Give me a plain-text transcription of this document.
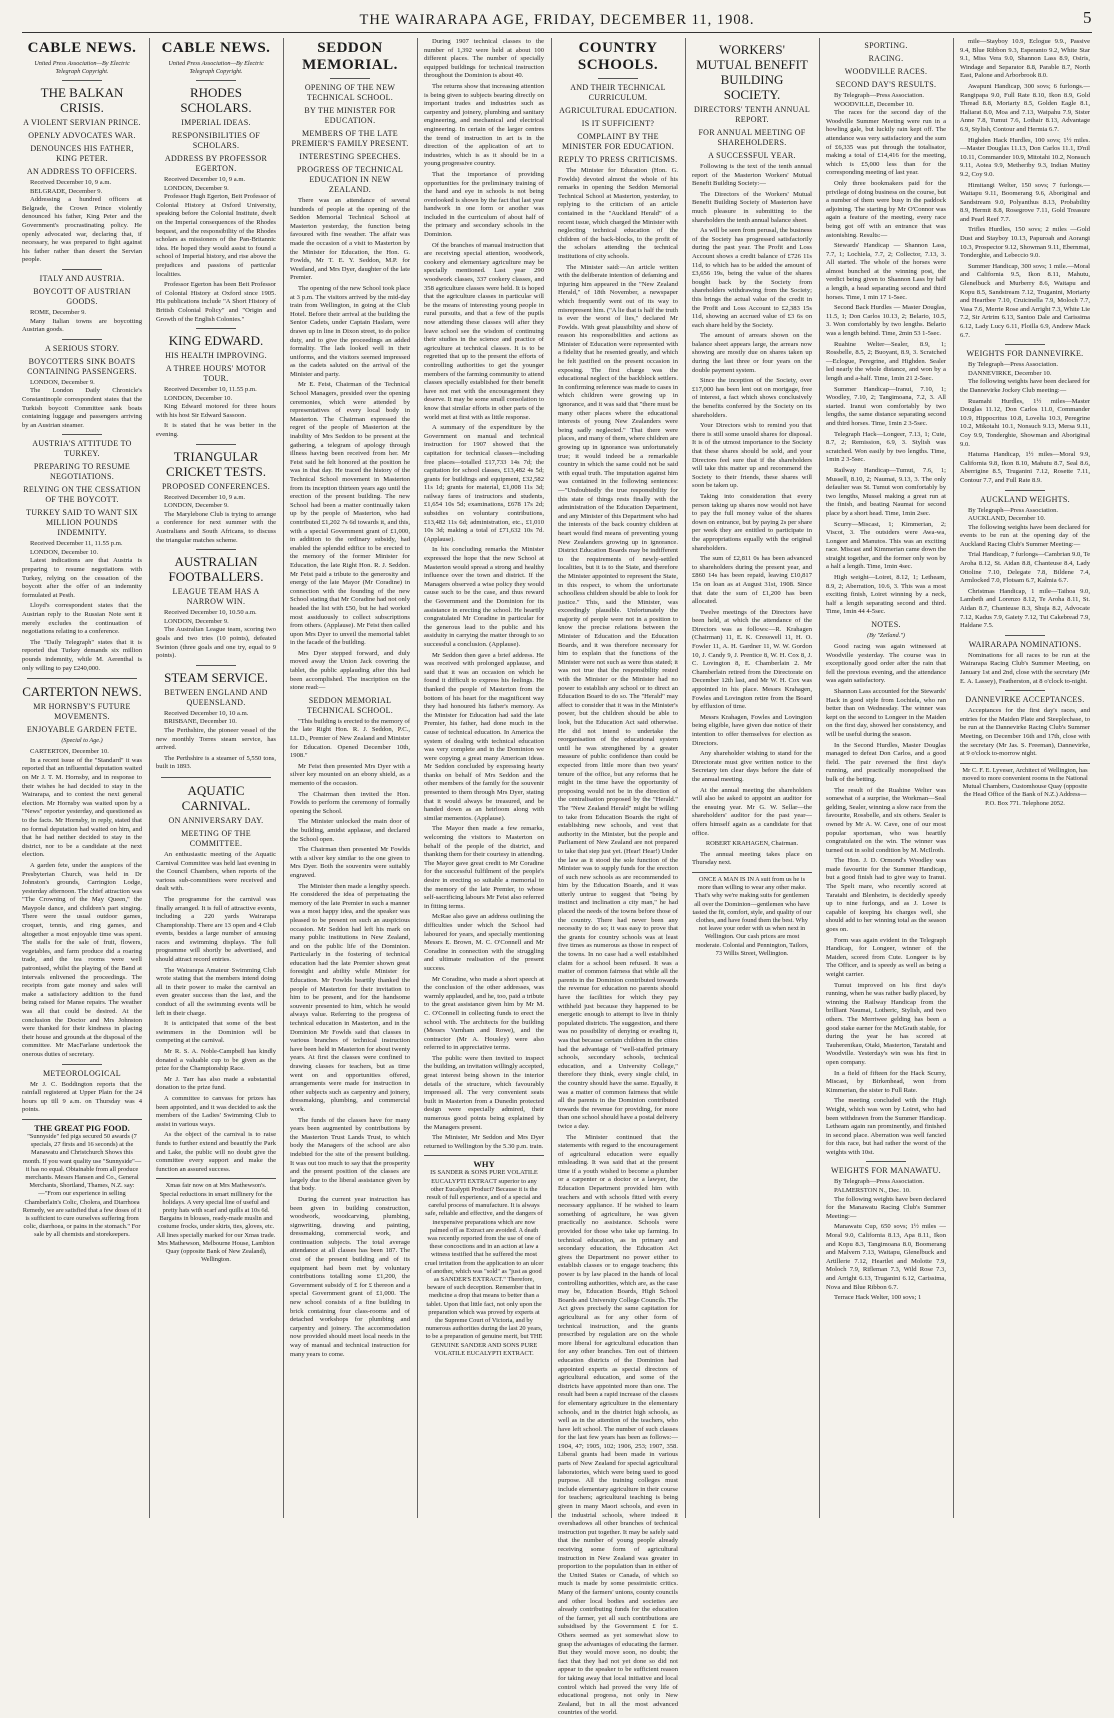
THE WAIRARAPA AGE, FRIDAY, DECEMBER 11, 1908.	5
CABLE NEWS.
United Press Association—By Electric Telegraph Copyright.
THE BALKAN CRISIS.
A VIOLENT SERVIAN PRINCE.
OPENLY ADVOCATES WAR.
DENOUNCES HIS FATHER, KING PETER.
AN ADDRESS TO OFFICERS.

Received December 10, 9 a.m.

BELGRADE, December 9.

Addressing a hundred officers at Belgrade, the Crown Prince violently denounced his father, King Peter and the Government's procrastinating policy. He openly advocated war, declaring that, if necessary, he was prepared to fight against his father rather than desert the Servian people.

ITALY AND AUSTRIA.
BOYCOTT OF AUSTRIAN GOODS.

ROME, December 9.

Many Italian towns are boycotting Austrian goods.

A SERIOUS STORY.
BOYCOTTERS SINK BOATS CONTAINING PASSENGERS.

LONDON, December 9.

The London Daily Chronicle's Constantinople correspondent states that the Turkish boycott Committee sank boats containing luggage and passengers arriving by an Austrian steamer.

AUSTRIA'S ATTITUDE TO TURKEY.
PREPARING TO RESUME NEGOTIATIONS.
RELYING ON THE CESSATION OF THE BOYCOTT.
TURKEY SAID TO WANT SIX MILLION POUNDS INDEMNITY.

Received December 11, 11.55 p.m.

LONDON, December 10.

Latest indications are that Austria is preparing to resume negotiations with Turkey, relying on the cessation of the boycott after the offer of an indemnity formulated at Pesth.

Lloyd's correspondent states that the Austrian reply to the Russian Note sent it merely excludes the continuation of negotiations relating to a conference.

The "Daily Telegraph" states that it is reported that Turkey demands six million pounds indemnity, while M. Aerenthal is only willing to pay £240,000.

CARTERTON NEWS.
MR HORNSBY'S FUTURE MOVEMENTS.
ENJOYABLE GARDEN FETE.
(Special to Age.)

CARTERTON, December 10.

In a recent issue of the "Standard" it was reported that an influential deputation waited on Mr J. T. M. Hornsby, and in response to their wishes he had decided to stay in the Wairarapa, and to contest the next general election. Mr Hornsby was waited upon by a "News" reporter yesterday, and questioned as to the facts. Mr Hornsby, in reply, stated that no formal deputation had waited on him, and that he had neither decided to stay in the district, nor to be a candidate at the next election.

A garden fete, under the auspices of the Presbyterian Church, was held in Dr Johnston's grounds, Carrington Lodge, yesterday afternoon. The chief attraction was "The Crowning of the May Queen," the Maypole dance, and children's part singing. There were the usual outdoor games, croquet, tennis, and ring games, and altogether a most enjoyable time was spent. The stalls for the sale of fruit, flowers, vegetables, and farm produce did a roaring trade, and the tea rooms were well patronised, whilst the playing of the Band at intervals enlivened the proceedings. The receipts from gate money and sales will make a satisfactory addition to the fund being raised for Manse repairs. The weather was all that could be desired. At the conclusion the Doctor and Mrs Johnston were thanked for their kindness in placing their house and grounds at the disposal of the committee. Mr MacFarlane undertook the onerous duties of secretary.

METEOROLOGICAL

Mr J. C. Boddington reports that the rainfall registered at Upper Plain for the 24 hours up till 9 a.m. on Thursday was 4 points.

THE GREAT PIG FOOD.
"Sunnyside" fed pigs secured 50 awards (7 specials, 27 firsts and 16 seconds) at the Manawatu and Christchurch Shows this month. If you want quality use "Sunnyside"—it has no equal. Obtainable from all produce merchants. Messrs Hansen and Co., General Merchants, Shortland, Thames, N.Z. say:—"From our experience in selling Chamberlain's Colic, Cholera, and Diarrhoea Remedy, we are satisfied that a few doses of it is sufficient to cure ourselves suffering from colic, diarrhoea, or pains in the stomach." For sale by all chemists and storekeepers.
CABLE NEWS.
United Press Association—By Electric Telegraph Copyright.
RHODES SCHOLARS.
IMPERIAL IDEAS.
RESPONSIBILITIES OF SCHOLARS.
ADDRESS BY PROFESSOR EGERTON.

Received December 10, 9 a.m.

LONDON, December 9.

Professor Hugh Egerton, Beit Professor of Colonial History at Oxford University, speaking before the Colonial Institute, dwelt on the Imperial consequences of the Rhodes bequest, and the responsibility of the Rhodes scholars as missioners of the Pan-Britannic idea. He hoped they would assist to found a school of Imperial history, and rise above the prejudices and passions of particular localities.

Professor Egerton has been Beit Professor of Colonial History at Oxford since 1905. His publications include "A Short History of British Colonial Policy" and "Origin and Growth of the English Colonies."

KING EDWARD.
HIS HEALTH IMPROVING.
A THREE HOURS' MOTOR TOUR.

Received December 10, 11.55 p.m.

LONDON, December 10.

King Edward motored for three hours with his host Sir Edward Sassoon.

It is stated that he was better in the evening.

TRIANGULAR CRICKET TESTS.
PROPOSED CONFERENCES.

Received December 10, 9 a.m.

LONDON, December 9.

The Marylebone Club is trying to arrange a conference for next summer with the Australians and South Africans, to discuss the triangular matches scheme.

AUSTRALIAN FOOTBALLERS.
LEAGUE TEAM HAS A NARROW WIN.

Received December 10, 10.50 a.m.

LONDON, December 9.

The Australian League team, scoring two goals and two tries (10 points), defeated Swinton (three goals and one try, equal to 9 points).

STEAM SERVICE.
BETWEEN ENGLAND AND QUEENSLAND.

Received December 10, 10 a.m.

BRISBANE, December 10.

The Perthshire, the pioneer vessel of the new monthly Torres steam service, has arrived.

The Perthshire is a steamer of 5,550 tons, built in 1893.

AQUATIC CARNIVAL.
ON ANNIVERSARY DAY.
MEETING OF THE COMMITTEE.

An enthusiastic meeting of the Aquatic Carnival Committee was held last evening in the Council Chambers, when reports of the various sub-committees were received and dealt with.

The programme for the carnival was finally arranged. It is full of attractive events, including a 220 yards Wairarapa Championship. There are 13 open and 4 Club events, besides a large number of amusing races and swimming displays. The full programme will shortly be advertised, and should attract record entries.

The Wairarapa Amateur Swimming Club wrote stating that the members intend doing all in their power to make the carnival an even greater success than the last, and the conduct of all the swimming events will be left in their charge.

It is anticipated that some of the best swimmers in the Dominion will be competing at the carnival.

Mr R. S. A. Noble-Campbell has kindly donated a valuable cup to be given as the prize for the Championship Race.

Mr J. Tarr has also made a substantial donation to the prize fund.

A committee to canvass for prizes has been appointed, and it was decided to ask the members of the Ladies' Swimming Club to assist in various ways.

As the object of the carnival is to raise funds to further extend and beautify the Park and Lake, the public will no doubt give the committee every support and make the function an assured success.

Xmas fair now on at Mrs Mathewson's. Special reductions in smart millinery for the holidays. A very special line of useful and pretty hats with scarf and quills at 10s 6d. Bargains in blouses, ready-made muslin and costume frocks, under skirts, ties, gloves, etc. All lines specially marked for our Xmas trade. Mrs Mathewson, Melbourne House, Lambton Quay (opposite Bank of New Zealand), Wellington.
SEDDON MEMORIAL.
OPENING OF THE NEW TECHNICAL SCHOOL.
BY THE MINISTER FOR EDUCATION.
MEMBERS OF THE LATE PREMIER'S FAMILY PRESENT.
INTERESTING SPEECHES.
PROGRESS OF TECHNICAL EDUCATION IN NEW ZEALAND.

There was an attendance of several hundreds of people at the opening of the Seddon Memorial Technical School at Masterton yesterday, the function being favoured with fine weather. The affair was made the occasion of a visit to Masterton by the Minister for Education, the Hon. G. Fowlds, Mr T. E. Y. Seddon, M.P. for Westland, and Mrs Dyer, daughter of the late Premier.

The opening of the new School took place at 3 p.m. The visitors arrived by the mid-day train from Wellington, in going at the Club Hotel. Before their arrival at the building the Senior Cadets, under Captain Haslam, were drawn up in line in Dixon street, to do police duty, and to give the proceedings an added formality. The lads looked well in their uniforms, and the visitors seemed impressed as the cadets saluted on the arrival of the Minister and party.

Mr E. Feist, Chairman of the Technical School Managers, presided over the opening ceremonies, which were attended by representatives of every local body in Masterton. The Chairman expressed the regret of the people of Masterton at the inability of Mrs Seddon to be present at the gathering, a telegram of apology through illness having been received from her. Mr Feist said he felt honored at the position he was in that day. He traced the history of the Technical School movement in Masterton from its inception thirteen years ago until the erection of the present building. The new School had been a matter continually taken up by the people of Masterton, who had contributed £1,202 7s 6d towards it, and this, with a special Government grant of £1,000, in addition to the ordinary subsidy, had enabled the splendid edifice to be erected to the memory of the former Minister for Education, the late Right Hon. R. J. Seddon. Mr Feist paid a tribute to the generosity and energy of the late Mayor (Mr Coradine) in connection with the founding of the new School stating that Mr Coradine had not only headed the list with £50, but he had worked most assiduously to collect subscriptions from others. (Applause). Mr Feist then called upon Mrs Dyer to unveil the memorial tablet in the facade of the building.

Mrs Dyer stepped forward, and duly moved away the Union Jack covering the tablet, the public applauding after this had been accomplished. The inscription on the stone read:—

SEDDON MEMORIAL TECHNICAL SCHOOL.

"This building is erected to the memory of the late Right Hon. R. J. Seddon, P.C., LL.D., Premier of New Zealand and Minister for Education. Opened December 10th, 1908."

Mr Feist then presented Mrs Dyer with a silver key mounted on an ebony shield, as a memento of the occasion.

The Chairman then invited the Hon. Fowlds to perform the ceremony of formally opening the School.

The Minister unlocked the main door of the building, amidst applause, and declared the School open.

The Chairman then presented Mr Fowlds with a silver key similar to the one given to Mrs Dyer. Both the souvenirs were suitably engraved.

The Minister then made a lengthy speech. He considered the idea of perpetuating the memory of the late Premier in such a manner was a most happy idea, and the speaker was pleased to be present on such an auspicious occasion. Mr Seddon had left his mark on many public institutions in New Zealand, and on the public life of the Dominion. Particularly in the fostering of technical education had the late Premier shown great foresight and ability while Minister for Education. Mr Fowlds heartily thanked the people of Masterton for their invitation to him to be present, and for the handsome souvenir presented to him, which he would always value. Referring to the progress of technical education in Masterton, and in the Dominion Mr Fowlds said that classes in various branches of technical instruction have been held in Masterton for about twenty years. At first the classes were confined to drawing classes for teachers, but as time went on and opportunities offered, arrangements were made for instruction in other subjects such as carpentry and joinery, dressmaking, plumbing, and commercial work.

The funds of the classes have for many years been augmented by contributions by the Masterton Trust Lands Trust, to which body the Managers of the school are also indebted for the site of the present building. It was out too much to say that the prosperity and the present position of the classes are largely due to the liberal assistance given by that body.

During the current year instruction has been given in building construction, woodwork, woodcarving, plumbing, signwriting, drawing and painting, dressmaking, commercial work, and continuation subjects. The total average attendance at all classes has been 187. The cost of the present building and of its equipment had been met by voluntary contributions totalling some £1,200, the Government subsidy of £ for £ thereon and a special Government grant of £1,000. The new school consists of a fine building in brick containing four class-rooms and of detached workshops for plumbing and carpentry and joinery. The accommodation now provided should meet local needs in the way of manual and technical instruction for many years to come.

During 1907 technical classes to the number of 1,392 were held at about 100 different places. The number of specially equipped buildings for technical instruction throughout the Dominion is about 40.

The returns show that increasing attention is being given to subjects bearing directly on important trades and industries such as carpentry and joinery, plumbing and sanitary engineering, and mechanical and electrical engineering. In certain of the larger centres the trend of instruction in art is in the direction of the application of art to industries, which is as it should be in a young progressive country.

That the importance of providing opportunities for the preliminary training of the hand and eye in schools is not being overlooked is shown by the fact that last year handwork in one form or another was included in the curriculum of about half of the primary and secondary schools in the Dominion.

Of the branches of manual instruction that are receiving special attention, woodwork, cookery and elementary agriculture may be specially mentioned. Last year 290 woodwork classes, 337 cookery classes, and 358 agriculture classes were held. It is hoped that the agriculture classes in particular will be the means of interesting young people in rural pursuits, and that a few of the pupils now attending these classes will after they leave school see the wisdom of continuing their studies in the science and practice of agriculture at technical classes. It is to be regretted that up to the present the efforts of controlling authorities to get the younger members of the farming community to attend classes specially established for their benefit have not met with the encouragement they deserve. It may be some small consolation to know that similar efforts in other parts of the world met at first with as little response.

A summary of the expenditure by the Government on manual and technical instruction for 1907 showed that the capitation for technical classes—including free places—totalled £17,733 14s 7d; the capitation for school classes, £13,482 4s 5d; grants for buildings and equipment, £32,582 11s 1d; grants for material, £1,008 11s 3d; railway fares of instructors and students, £1,654 10s 5d; examinations, £678 17s 2d; subsidies on voluntary contributions, £13,482 11s 6d; administration, etc., £1,010 10s 3d; making a total of £71,632 10s 7d. (Applause).

In his concluding remarks the Minister expressed the hope that the new School at Masterton would spread a strong and healthy influence over the town and district. If the Managers observed a wise policy they would cause such to be the case, and thus reward the Government and the Dominion for its assistance in erecting the school. He heartily congratulated Mr Coradine in particular for the generous lead to the public and his assiduity in carrying the matter through to so successful a conclusion. (Applause).

Mr Seddon then gave a brief address. He was received with prolonged applause, and said that it was an occasion on which he found it difficult to express his feelings. He thanked the people of Masterton from the bottom of his heart for the magnificent way they had honoured his father's memory. As the Minister for Education had said the late Premier, his father, had done much in the cause of technical education. In America the system of dealing with technical education was very complete and in the Dominion we were copying a great many American ideas. Mr Seddon concluded by expressing hearty thanks on behalf of Mrs Seddon and the other members of the family for the souvenir presented to them through Mrs Dyer, stating that it would always be treasured, and be handed down as an heirloom along with similar mementos. (Applause).

The Mayor then made a few remarks, welcoming the visitors to Masterton on behalf of the people of the district, and thanking them for their courtesy in attending. The Mayor gave great credit to Mr Coradine for the successful fulfilment of the people's desire in erecting so suitable a memorial to the memory of the late Premier, to whose self-sacrificing labours Mr Feist also referred in fitting terms.

McRae also gave an address outlining the difficulties under which the School had laboured for years, and specially mentioning Messrs E. Brown, M. C. O'Connell and Mr Coradine in connection with the struggling and ultimate realisation of the present success.

Mr Coradine, who made a short speech at the conclusion of the other addresses, was warmly applauded, and he, too, paid a tribute to the great assistance given him by Mr M. C. O'Connell in collecting funds to erect the school with. The architects for the building (Messrs Varnham and Rowe), and the contractor (Mr A. Housley) were also referred to in appreciative terms.

The public were then invited to inspect the building, an invitation willingly accepted, great interest being shown in the interior details of the structure, which favourably impressed all. The very convenient seats built in Masterton from a Dunedin protected design were especially admired, their numerous good points being explained by the Managers present.

The Minister, Mr Seddon and Mrs Dyer returned to Wellington by the 5.30 p.m. train.

WHY
IS SANDER & SONS PURE VOLATILE EUCALYPTI EXTRACT superior to any other Eucalypti Product? Because it is the result of full experience, and of a special and careful process of manufacture. It is always safe, reliable and effective, and the dangers of inexpensive preparations which are now palmed off as Extract are avoided. A death was recently reported from the use of one of these concoctions and in an action at law a witness testified that he suffered the most cruel irritation from the application to an ulcer of another, which was "sold" as "just as good as SANDER'S EXTRACT." Therefore, beware of such deception. Remember that in medicine a drop that means to better than a tablet. Upon that little fact, not only upon the preparation which was proved by experts at the Supreme Court of Victoria, and by numerous authorities during the last 20 years, to be a preparation of genuine merit, but THE GENUINE SANDER AND SONS PURE VOLATILE EUCALYPTI EXTRACT.
COUNTRY SCHOOLS.
AND THEIR TECHNICAL CURRICULUM.
AGRICULTURAL EDUCATION.
IS IT SUFFICIENT?
COMPLAINT BY THE MINISTER FOR EDUCATION.
REPLY TO PRESS CRITICISMS.

The Minister for Education (Hon. G. Fowlds) devoted almost the whole of his remarks in opening the Seddon Memorial Technical School at Masterton, yesterday, to replying to the criticism of an article contained in the "Auckland Herald" of a recent issue, which charged the Minister with neglecting technical education of the children of the back-blocks, to the profit of the scholars attending the technical institutions of city schools.

The Minister said:—An article written with the deliberate intention of defaming and injuring him appeared in the "New Zealand Herald," of 18th November, a newspaper which frequently went out of its way to misrepresent him. ("A lie that is half the truth is ever the worst of lies," declared Mr Fowlds. With great plausibility and show of reason his responsibilities and actions as Minister of Education were represented with a fidelity that he resented greatly, and which he felt justified on the present occasion in exposing. The first charge was the educational neglect of the backblock settlers. In confirming reference was made to cases in which children were growing up in ignorance, and it was said that "there must be many other places where the educational interests of young New Zealanders were being sadly neglected." That there were places, and many of them, where children are growing up in ignorance was unfortunately true; it would indeed be a remarkable country in which the same could not be said with equal truth. The imputation against him was contained in the following sentences:—"Undoubtedly the true responsibility for this state of things rests finally with the administration of the Education Department, and any Minister of this Department who had the interests of the back country children at heart would find means of preventing young New Zealanders growing up in ignorance. District Education Boards may be indifferent to the requirements of newly-settled localities, but it is to the State, and therefore the Minister appointed to represent the State, in this respect, to whom the unfortunate schoolless children should be able to look for justice." This, said the Minister, was exceedingly plausible. Unfortunately the majority of people were not in a position to know the precise relations between the Minister of Education and the Education Boards, and it was therefore necessary for him to explain that the functions of the Minister were not such as were thus stated; it was not true that the responsibility rested with the Minister or the Minister had no power to establish any school or to direct an Education Board to do so. The "Herald" may affect to consider that it was in the Minister's power, but the children should be able to look, but the Education Act said otherwise. He did not intend to undertake the reorganisation of the educational system until he was strengthened by a greater measure of public confidence than could be expected from little more than two years' tenure of the office, but any reforms that he might in the time have the opportunity of proposing would not be in the direction of the centralisation proposed by the "Herald." The "New Zealand Herald" might be willing to take from Education Boards the right of establishing new schools, and vest that authority in the Minister, but the people and Parliament of New Zealand are not prepared to take that step just yet. (Hear! Hear!) Under the law as it stood the sole function of the Minister was to supply funds for the erection of such new schools as are recommended to him by the Education Boards, and it was utterly untrue to suggest that "being by instinct and inclination a city man," he had placed the needs of the towns before those of the country. There had never been any necessity to do so; it was easy to prove that the grants for country schools was at least five times as numerous as those in respect of the towns. In no case had a well established claim for a school been refused. It was a matter of common fairness that while all the parents in the Dominion contributed towards the revenue for education no parents should have the facilities for which they pay withheld just because they happened to be energetic enough to attempt to live in thinly populated districts. The suggestion, and there was no possibility of denying or evading it, was that because certain children in the cities had the advantage of "well-staffed primary schools, secondary schools, technical education, and a University College," therefore they think, every single child, in the country should have the same. Equally, it was a matter of common fairness that while all the parents in the Dominion contributed towards the revenue for providing, for more than one school should have a postal delivery twice a day.

The Minister continued that the statements with regard to the encouragement of agricultural education were equally misleading. It was said that at the present time if a youth wished to become a plumber or a carpenter or a doctor or a lawyer, the Education Department provided him with teachers and with schools fitted with every necessary appliance. If he wished to learn something of agriculture, he was given practically no assistance. Schools were provided for those who take up farming. In technical education, as in primary and secondary education, the Education Act gives the Department no power either to establish classes or to engage teachers; this power is by law placed in the hands of local controlling authorities, which are, as the case may be, Education Boards, High School Boards and University College Councils. The Act gives precisely the same capitation for agricultural as for any other form of technical instruction, and the grants prescribed by regulation are on the whole more liberal for agricultural education than for any other branches. Ten out of thirteen education districts of the Dominion had appointed experts as special directors of agricultural education, and some of the districts have appointed more than one. The result had been a rapid increase of the classes for elementary agriculture in the elementary schools, and in the district high schools, as well as in the attention of the teachers, who have left school. The number of such classes for the last few years has been as follows:—1904, 47; 1905, 102; 1906, 253; 1907, 358. Liberal grants had been made in various parts of New Zealand for special agricultural laboratories, which were being used to good purpose. All the training colleges must include elementary agriculture in their course for teachers; agricultural teaching is being given in many Maori schools, and even in the industrial schools, where indeed it overshadows all other branches of technical instruction put together. It may be safely said that the number of young people already receiving some form of agricultural instruction in New Zealand was greater in proportion to the population than in either of the United States or Canada, of which so much is made by some pessimistic critics. Many of the farmers' unions, county councils and other local bodies and societies are already contributing funds for the education of the farmer, yet all such contributions are subsidised by the Government £ for £. Others seemed as yet somewhat slow to grasp the advantages of educating the farmer. But they would move soon, no doubt; the fact that they had not yet done so did not appear to the speaker to be sufficient reason for taking away that local initiative and local control which had proved the very life of educational progress, not only in New Zealand, but in all the most advanced countries of the world.

WORKERS' MUTUAL BENEFIT BUILDING SOCIETY.
DIRECTORS' TENTH ANNUAL REPORT.
FOR ANNUAL MEETING OF SHAREHOLDERS.
A SUCCESSFUL YEAR.

Following is the text of the tenth annual report of the Masterton Workers' Mutual Benefit Building Society:—

The Directors of the Workers' Mutual Benefit Building Society of Masterton have much pleasure in submitting to the shareholders the tenth annual balance sheet.

As will be seen from perusal, the business of the Society has progressed satisfactorily during the past year. The Profit and Loss Account shows a credit balance of £726 11s 11d, to which has to be added the amount of £3,656 19s, being the value of the shares bought back by the Society from shareholders withdrawing from the Society; this brings the actual value of the credit in the Profit and Loss Account to £2,383 15s 11d, showing an accrued value of £3 6s on each share held by the Society.

The amount of arrears shown on the balance sheet appears large, the arrears now showing are mostly due on shares taken up during the last three or four years on the double payment system.

Since the inception of the Society, over £17,000 has been lent out on mortgage, free of interest, a fact which shows conclusively the benefits conferred by the Society on its shareholders.

Your Directors wish to remind you that there is still some unsold shares for disposal. It is of the utmost importance to the Society that these shares should be sold, and your Directors feel sure that if the shareholders will take this matter up and recommend the Society to their friends, these shares will soon be taken up.

Taking into consideration that every person taking up shares now would not have to pay the full money value of the shares down on entrance, but by paying 2s per share per week they are entitled to participate in the appropriations equally with the original shareholders.

The sum of £2,811 0s has been advanced to shareholders during the present year, and £860 14s has been repaid, leaving £10,817 15s on loan as at August 31st, 1908. Since that date the sum of £1,200 has been allocated.

Twelve meetings of the Directors have been held, at which the attendance of the Directors was as follows:—R. Krahagen (Chairman) 11, E. K. Cresswell 11, H. O. Fowler 11, A. H. Gardner 11, W. W. Gordon 10, J. Candy 9, J. Prentice 8, W. H. Cox 8, J. C. Lovington 8, E. Chamberlain 2. Mr Chamberlain retired from the Directorate on December 12th last, and Mr W. H. Cox was appointed in his place. Messrs Krahagen, Fowles and Lovington retire from the Board by effluxion of time.

Messrs Krahagen, Fowles and Lovington being eligible, have given due notice of their intention to offer themselves for election as Directors.

Any shareholder wishing to stand for the Directorate must give written notice to the Secretary ten clear days before the date of the annual meeting.

At the annual meeting the shareholders will also be asked to appoint an auditor for the ensuing year. Mr G. W. Sellar—the shareholders' auditor for the past year—offers himself again as a candidate for that office.

ROBERT KRAHAGEN, Chairman.

The annual meeting takes place on Thursday next.

ONCE A MAN IS IN A suit from us he is more than willing to wear any other make. That's why we're making suits for gentlemen all over the Dominion—gentlemen who have tasted the fit, comfort, style, and quality of our clothes, and have found them the best. Why not leave your order with us when next in Wellington. Our cash prices are most moderate. Colonial and Pennington, Tailors, 73 Willis Street, Wellington.
SPORTING.
RACING.
WOODVILLE RACES.
SECOND DAY'S RESULTS.

By Telegraph—Press Association.

WOODVILLE, December 10.

The races for the second day of the Woodville Summer Meeting were run in a howling gale, but luckily rain kept off. The attendance was very satisfactory and the sum of £6,335 was put through the totalisator, making a total of £14,416 for the meeting, which is £5,000 less than for the corresponding meeting of last year.

Only three bookmakers paid for the privilege of doing business on the course, but a number of them were busy in the paddock adjoining. The starting by Mr O'Connor was again a feature of the meeting, every race being got off with an entrance that was astonishing. Results:—

Stewards' Handicap — Shannon Lass, 7.7, 1; Lochiela, 7.7, 2; Collector, 7.13, 3. All started. The whole of the horses were almost bunched at the winning post, the verdict being given to Shannon Lass by half a length, a head separating second and third horses. Time, 1 min 17 1-5sec.

Second Back Hurdles — Master Douglas, 11.5, 1; Don Carlos 10.13, 2; Belario, 10.5, 3. Won comfortably by two lengths. Belario was a length behind. Time, 2min 53 1-5sec.

Ruahine Welter—Sealer, 8.9, 1; Rossbelle, 8.5, 2; Buoyant, 8.9, 3. Scratched—Eclogue, Peregrine, and Highden. Sealer led nearly the whole distance, and won by a length and a-half. Time, 1min 21 2-5sec.

Summer Handicap—Iranui, 7.10, 1; Woodley, 7.10, 2; Tangimoana, 7.2, 3. All started. Iranui won comfortably by two lengths, the same distance separating second and third horses. Time, 1min 2 3-5sec.

Telegraph Hack—Longeer, 7.13, 1; Cute, 8.7, 2; Remission, 6.9, 3. Stylish was scratched. Won easily by two lengths. Time, 1min 2 3-5sec.

Railway Handicap—Tumut, 7.6, 1; Mussell, 8.10, 2; Naumai, 9.13, 3. The only defaulter was St. Tumut won comfortably by two lengths, Mussel making a great run at the finish, and beating Naumai for second place by a short head. Time, 1min 2sec.

Scurry—Miscast, 1; Kimmerian, 2; Viscot, 3. The outsiders were Awa-wa, Longeer and Manutos. This was an exciting race. Miscast and Kimmerian came down the straight together, and the former only won by a half a length. Time, 1min 4sec.

High weight—Loiret, 8.12, 1; Letheam, 8.9, 2; Aberration, 10.6, 3. This was a most exciting finish, Loiret winning by a neck, half a length separating second and third. Time, 1min 44 4-5sec.

NOTES.
(By "Zetland.")

Good racing was again witnessed at Woodville yesterday. The course was in exceptionally good order after the rain that fell the previous evening, and the attendance was again satisfactory.

Shannon Lass accounted for the Stewards' Hack in good style from Lochiela, who ran better than on Wednesday. The winner was kept on the second to Longeer in the Maiden on the first day, showed her consistency, and will be useful during the season.

In the Second Hurdles, Master Douglas managed to defeat Don Carlos, and a good field. The pair reversed the first day's running, and practically monopolised the bulk of the betting.

The result of the Ruahine Welter was somewhat of a surprise, the Workman—Seal gelding, Sealer, winning a slow race from the favourite, Rossbelle, and six others. Sealer is owned by Mr A. W. Cave, one of our most popular sportsman, who was heartily congratulated on the win. The winner was turned out in solid condition by M. McIlroth.

The Hon. J. D. Ormond's Woodley was made favourite for the Summer Handicap, but a good finish had to give way to Iranui. The Spelt mare, who recently scored at Taratahi and Blenheim, is decidedly speedy up to nine furlongs, and as J. Lowe is capable of keeping his charges well, she should add to her winning total as the season goes on.

Form was again evident in the Telegraph Handicap, for Longeer, winner of the Maiden, scored from Cute. Longeer is by The Officer, and is speedy as well as being a weight carrier.

Tumut improved on his first day's running, when he was rather badly placed, by winning the Railway Handicap from the brilliant Naumai, Lotheric, Stylish, and two others. The Merriwee gelding has been a good stake earner for the McGrath stable, for during the year he has scored at Tauherenikau, Otaki, Masterton, Taratahi and Woodville. Yesterday's win was his first in open company.

In a field of fifteen for the Hack Scurry, Miscast, by Birkenhead, won from Kimmerian, the sister to Full Rate.

The meeting concluded with the High Weight, which was won by Loiret, who had been withdrawn from the Summer Handicap. Letheam again ran prominently, and finished in second place. Aberration was well fancied for this race, but had rather the worst of the weights with 10st.

WEIGHTS FOR MANAWATU.

By Telegraph—Press Association.

PALMERSTON N., Dec. 10.

The following weights have been declared for the Manawatu Racing Club's Summer Meeting:—

Manawatu Cup, 650 sovs; 1½ miles —Moral 9.0, California 8.13, Apa 8.11, Ikon and Kopu 8.3, Tangimoana 8.0, Boomerang and Malvern 7.13, Waitapu, Glenelbuck and Artillerie 7.12, Heartlet and Molotte 7.9, Moloch 7.9, Rifleman 7.3, Wild Rose 7.3, and Arright 6.13, Truganini 6.12, Carissima, Nova and Blue Ribbon 6.7.

Terrace Hack Welter, 100 sovs; 1

mile—Stayboy 10.9, Eclogue 9.9., Passive 9.4, Blue Ribbon 9.3, Esperanto 9.2, White Star 9.1, Miss Vera 9.0, Shannon Lass 8.9, Osiris, Windage and Separator 8.8, Parable 8.7, North East, Palone and Arborbrook 8.0.

Awapuni Handicap, 300 sovs; 6 furlongs.—Rangipapa 9.0, Full Rate 8.10, Ikon 8.9, Gold Thread 8.8, Moriarty 8.5, Golden Eagle 8.1, Haliarat 8.0, Moa and 7.13, Waipahu 7.9, Sister Anne 7.8, Tumut 7.6, Lothair 8.13, Advantage 6.9, Stylish, Contour and Hermia 6.7.

Highden Hack Hurdles, 100 sovs; 1½ miles.—Master Douglas 11.13, Don Carlos 11.1, D'nil 10.11, Commander 10.9, Mitotahi 10.2, Nonsuch 9.11, Aotea 9.9, Metheriby 9.3, Indian Mutiny 9.2, Coy 9.0.

Himitangi Welter, 150 sovs; 7 furlongs.—Waitapu 9.11, Boomerang 9.6, Aboriginal and Sandstream 9.0, Polyanthus 8.13, Probability 8.9, Hermit 8.8, Rosegrove 7.11, Gold Treasure and Pearl Reef 7.7.

Trifles Hurdles, 150 sovs; 2 miles —Gold Dust and Stayboy 10.13, Papuroah and Aorangi 10.3, Prospector 9.12, Showman 9.11, Ebernmai, Tonderghie, and Lebeccio 9.0.

Summer Handicap, 300 sovs; 1 mile.—Moral and California 9.5, Ikon 8.11, Mahutu, Glenelbuck and Murberry 8.6, Waitapu and Kopu 8.5, Sandstream 7.12, Truganini, Moriarty and Heartbee 7.10, Cruicinella 7.9, Moloch 7.7, Vasa 7.6, Merrie Rose and Arright 7.3, White Lie 7.2, Sir Artrim 6.13, Santoo Dale and Carissima 6.12, Lady Lucy 6.11, Floilla 6.9, Andrew Mack 6.7.

WEIGHTS FOR DANNEVIRKE.

By Telegraph—Press Association.

DANNEVIRKE, December 10.

The following weights have been declared for the Dannevirke Jockey Club meeting:—

Ruamahi Hurdles, 1½ miles—Master Douglas 11.12, Don Carlos 11.0, Commander 10.9, Hippocritus 10.8, Lovelia 10.3, Peregrine 10.2, Mikotahi 10.1, Nonsuch 9.13, Mersa 9.11, Coy 9.9, Tonderghie, Showman and Aboriginal 9.0.

Hatuma Handicap, 1½ miles—Moral 9.9, California 9.8, Ikon 8.10, Mahutu 8.7, Seal 8.6, Aberrigine 8.5, Truganini 7.12, Rosette 7.11, Contour 7.7, and Full Rate 8.9.

AUCKLAND WEIGHTS.

By Telegraph—Press Association.

AUCKLAND, December 10.

The following weights have been declared for events to be run at the opening day of the Auckland Racing Club's Summer Meeting:—

Trial Handicap, 7 furlongs—Cambrian 9.0, Te Aroha 8.12, St. Aidan 8.8, Chanteuse 8.4, Lady Ottoline 7.10, Delegate 7.8, Bildene 7.4, Armlocked 7.0, Flotsam 6.7, Kalmia 6.7.

Christmas Handicap, 1 mile—Taihoa 9.0, Lambeth and Lorenzo 8.12, Te Aroha 8.11, St. Aidan 8.7, Chanteuse 8.3, Shuja 8.2, Advocate 7.12, Kadus 7.9, Gaiety 7.12, Tui Cakebread 7.9, Haldane 7.5.

WAIRARAPA NOMINATIONS.

Nominations for all races to be run at the Wairarapa Racing Club's Summer Meeting, on January 1st and 2nd, close with the secretary (Mr E. A. Lassey), Featherston, at 8 o'clock to-night.

DANNEVIRKE ACCEPTANCES.

Acceptances for the first day's races, and entries for the Maiden Plate and Steeplechase, to be run at the Dannevirke Racing Club's Summer Meeting, on December 16th and 17th, close with the secretary (Mr Jas. S. Freeman), Dannevirke, at 9 o'clock to-morrow night.

Mr C. F. E. Lyveser, Architect of Wellington, has moved to more convenient rooms in the National Mutual Chambers, Customhouse Quay (opposite the Head Office of the Bank of N.Z.) Address—P.O. Box 771. Telephone 2052.
